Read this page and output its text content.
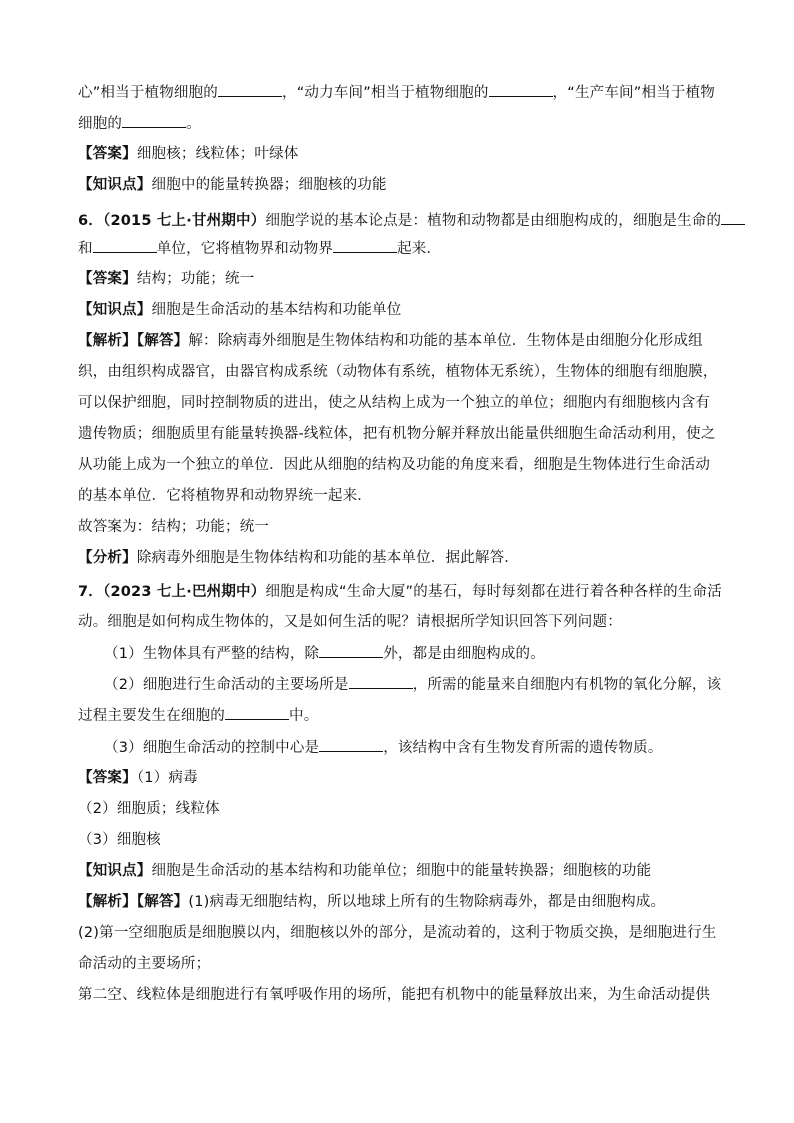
心”相当于植物细胞的	，“动力车间”相当于植物细胞的	，“生产车间”相当于植物
细胞的	。
【答案】细胞核；线粒体；叶绿体
【知识点】细胞中的能量转换器；细胞核的功能
6．（2015 七上·甘州期中）细胞学说的基本论点是：植物和动物都是由细胞构成的，细胞是生命的
和	单位，它将植物界和动物界	起来．
【答案】结构；功能；统一
【知识点】细胞是生命活动的基本结构和功能单位
【解析】【解答】解：除病毒外细胞是生物体结构和功能的基本单位．生物体是由细胞分化形成组
织，由组织构成器官，由器官构成系统（动物体有系统，植物体无系统），生物体的细胞有细胞膜，
可以保护细胞，同时控制物质的进出，使之从结构上成为一个独立的单位；细胞内有细胞核内含有
遗传物质；细胞质里有能量转换器-线粒体，把有机物分解并释放出能量供细胞生命活动利用，使之
从功能上成为一个独立的单位．因此从细胞的结构及功能的角度来看，细胞是生物体进行生命活动
的基本单位．它将植物界和动物界统一起来．
故答案为：结构；功能；统一
【分析】除病毒外细胞是生物体结构和功能的基本单位．据此解答．
7．（2023 七上·巴州期中）细胞是构成“生命大厦”的基石，每时每刻都在进行着各种各样的生命活
动。细胞是如何构成生物体的，又是如何生活的呢？请根据所学知识回答下列问题：
（1）生物体具有严整的结构，除	外，都是由细胞构成的。
（2）细胞进行生命活动的主要场所是	，所需的能量来自细胞内有机物的氧化分解，该
过程主要发生在细胞的	中。
（3）细胞生命活动的控制中心是	，该结构中含有生物发育所需的遗传物质。
【答案】（1）病毒
（2）细胞质；线粒体
（3）细胞核
【知识点】细胞是生命活动的基本结构和功能单位；细胞中的能量转换器；细胞核的功能
【解析】【解答】(1)病毒无细胞结构，所以地球上所有的生物除病毒外，都是由细胞构成。
(2)第一空细胞质是细胞膜以内，细胞核以外的部分，是流动着的，这利于物质交换，是细胞进行生
命活动的主要场所；
第二空、线粒体是细胞进行有氧呼吸作用的场所，能把有机物中的能量释放出来，为生命活动提供
